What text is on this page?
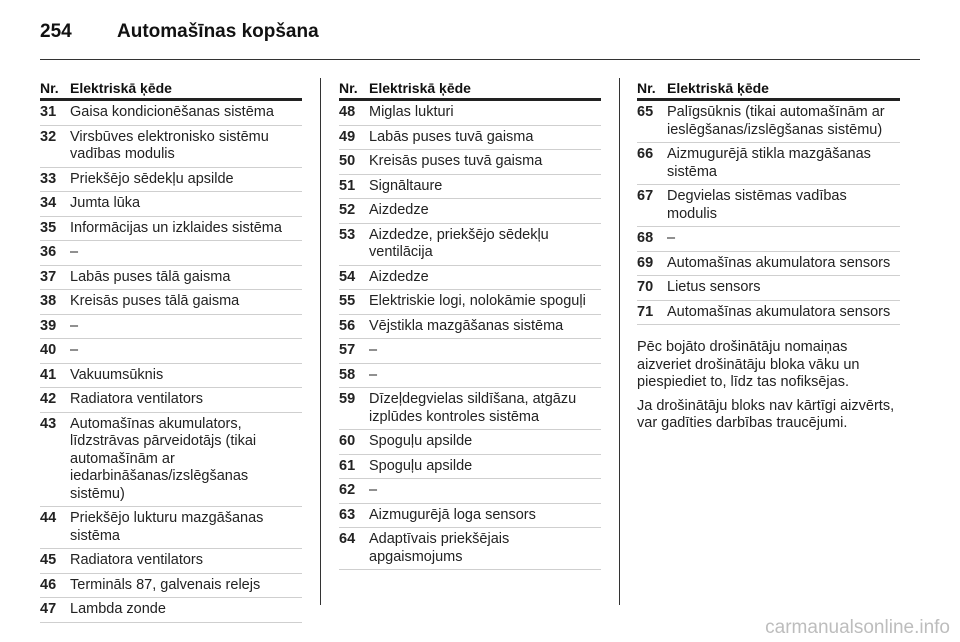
254 Automašīnas kopšana
Nr. Elektriskā ķēde
31 Gaisa kondicionēšanas sistēma
32 Virsbūves elektronisko sistēmu vadības modulis
33 Priekšējo sēdekļu apsilde
34 Jumta lūka
35 Informācijas un izklaides sistēma
36 –
37 Labās puses tālā gaisma
38 Kreisās puses tālā gaisma
39 –
40 –
41 Vakuumsūknis
42 Radiatora ventilators
43 Automašīnas akumulators, līdzstrāvas pārveidotājs (tikai automašīnām ar iedarbināšanas/izslēgšanas sistēmu)
44 Priekšējo lukturu mazgāšanas sistēma
45 Radiatora ventilators
46 Termināls 87, galvenais relejs
47 Lambda zonde
Nr. Elektriskā ķēde
48 Miglas lukturi
49 Labās puses tuvā gaisma
50 Kreisās puses tuvā gaisma
51 Signāltaure
52 Aizdedze
53 Aizdedze, priekšējo sēdekļu ventilācija
54 Aizdedze
55 Elektriskie logi, nolokāmie spoguļi
56 Vējstikla mazgāšanas sistēma
57 –
58 –
59 Dīzeļdegvielas sildīšana, atgāzu izplūdes kontroles sistēma
60 Spoguļu apsilde
61 Spoguļu apsilde
62 –
63 Aizmugurējā loga sensors
64 Adaptīvais priekšējais apgaismojums
Nr. Elektriskā ķēde
65 Palīgsūknis (tikai automašīnām ar ieslēgšanas/izslēgšanas sistēmu)
66 Aizmugurējā stikla mazgāšanas sistēma
67 Degvielas sistēmas vadības modulis
68 –
69 Automašīnas akumulatora sensors
70 Lietus sensors
71 Automašīnas akumulatora sensors

Pēc bojāto drošinātāju nomaiņas aizveriet drošinātāju bloka vāku un piespiediet to, līdz tas nofiksējas.

Ja drošinātāju bloks nav kārtīgi aizvērts, var gadīties darbības traucējumi.

carmanualsonline.info
